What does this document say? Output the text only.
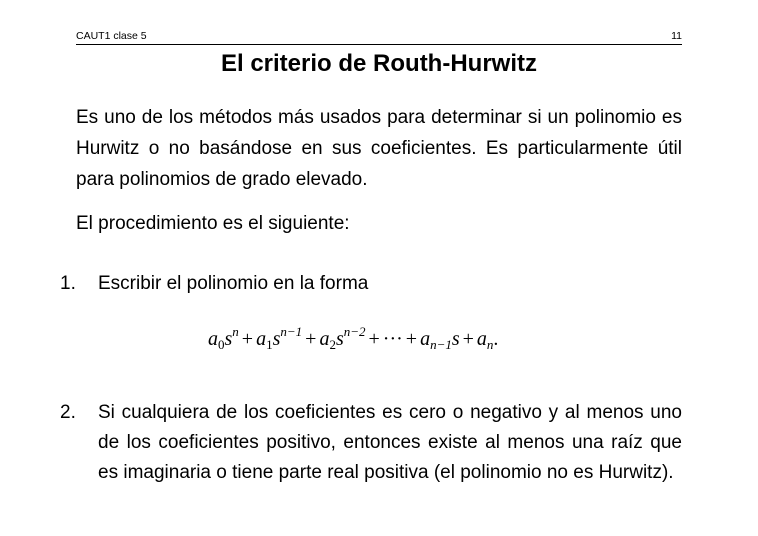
CAUT1 clase 5	11
El criterio de Routh-Hurwitz

Es uno de los métodos más usados para determinar si un polinomio es Hurwitz o no basándose en sus coeficientes. Es particularmente útil para polinomios de grado elevado.

El procedimiento es el siguiente:

1.	Escribir el polinomio en la forma
$a_0s^n + a_1s^{n-1} + a_2s^{n-2}$ + ··· + $a_{n-1}s + a_n$.
2.	Si cualquiera de los coeficientes es cero o negativo y al menos uno de los coeficientes positivo, entonces existe al menos una raíz que es imaginaria o tiene parte real positiva (el polinomio no es Hurwitz).
